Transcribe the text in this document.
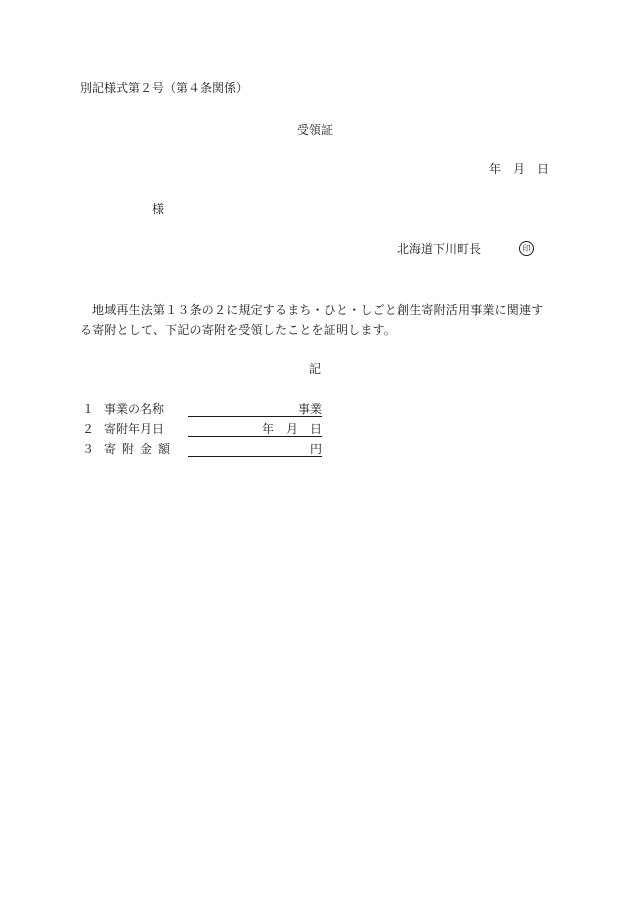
別記様式第２号（第４条関係）
受領証
年 月 日
様
北海道下川町長	印
地域再生法第１３条の２に規定するまち・ひと・しごと創生寄附活用事業に関連する寄附として、下記の寄附を受領したことを証明します。
記
１ 事業の名称	事業
２ 寄附年月日	年　月　日
３ 寄附金額	円
